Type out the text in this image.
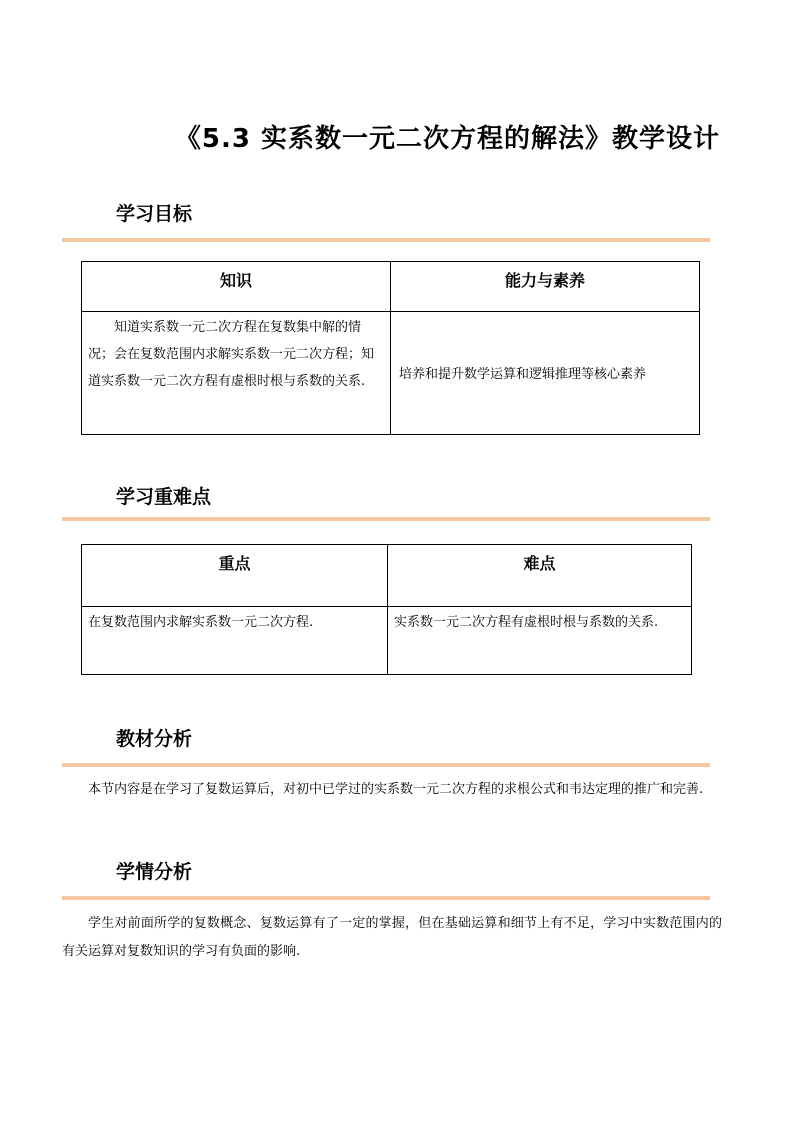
《5.3 实系数一元二次方程的解法》教学设计
学习目标
知识	能力与素养

知道实系数一元二次方程在复数集中解的情况；会在复数范围内求解实系数一元二次方程；知道实系数一元二次方程有虚根时根与系数的关系.	培养和提升数学运算和逻辑推理等核心素养
学习重难点
重点	难点

在复数范围内求解实系数一元二次方程.	实系数一元二次方程有虚根时根与系数的关系.
教材分析
本节内容是在学习了复数运算后，对初中已学过的实系数一元二次方程的求根公式和韦达定理的推广和完善.
学情分析
学生对前面所学的复数概念、复数运算有了一定的掌握，但在基础运算和细节上有不足，学习中实数范围内的有关运算对复数知识的学习有负面的影响.
